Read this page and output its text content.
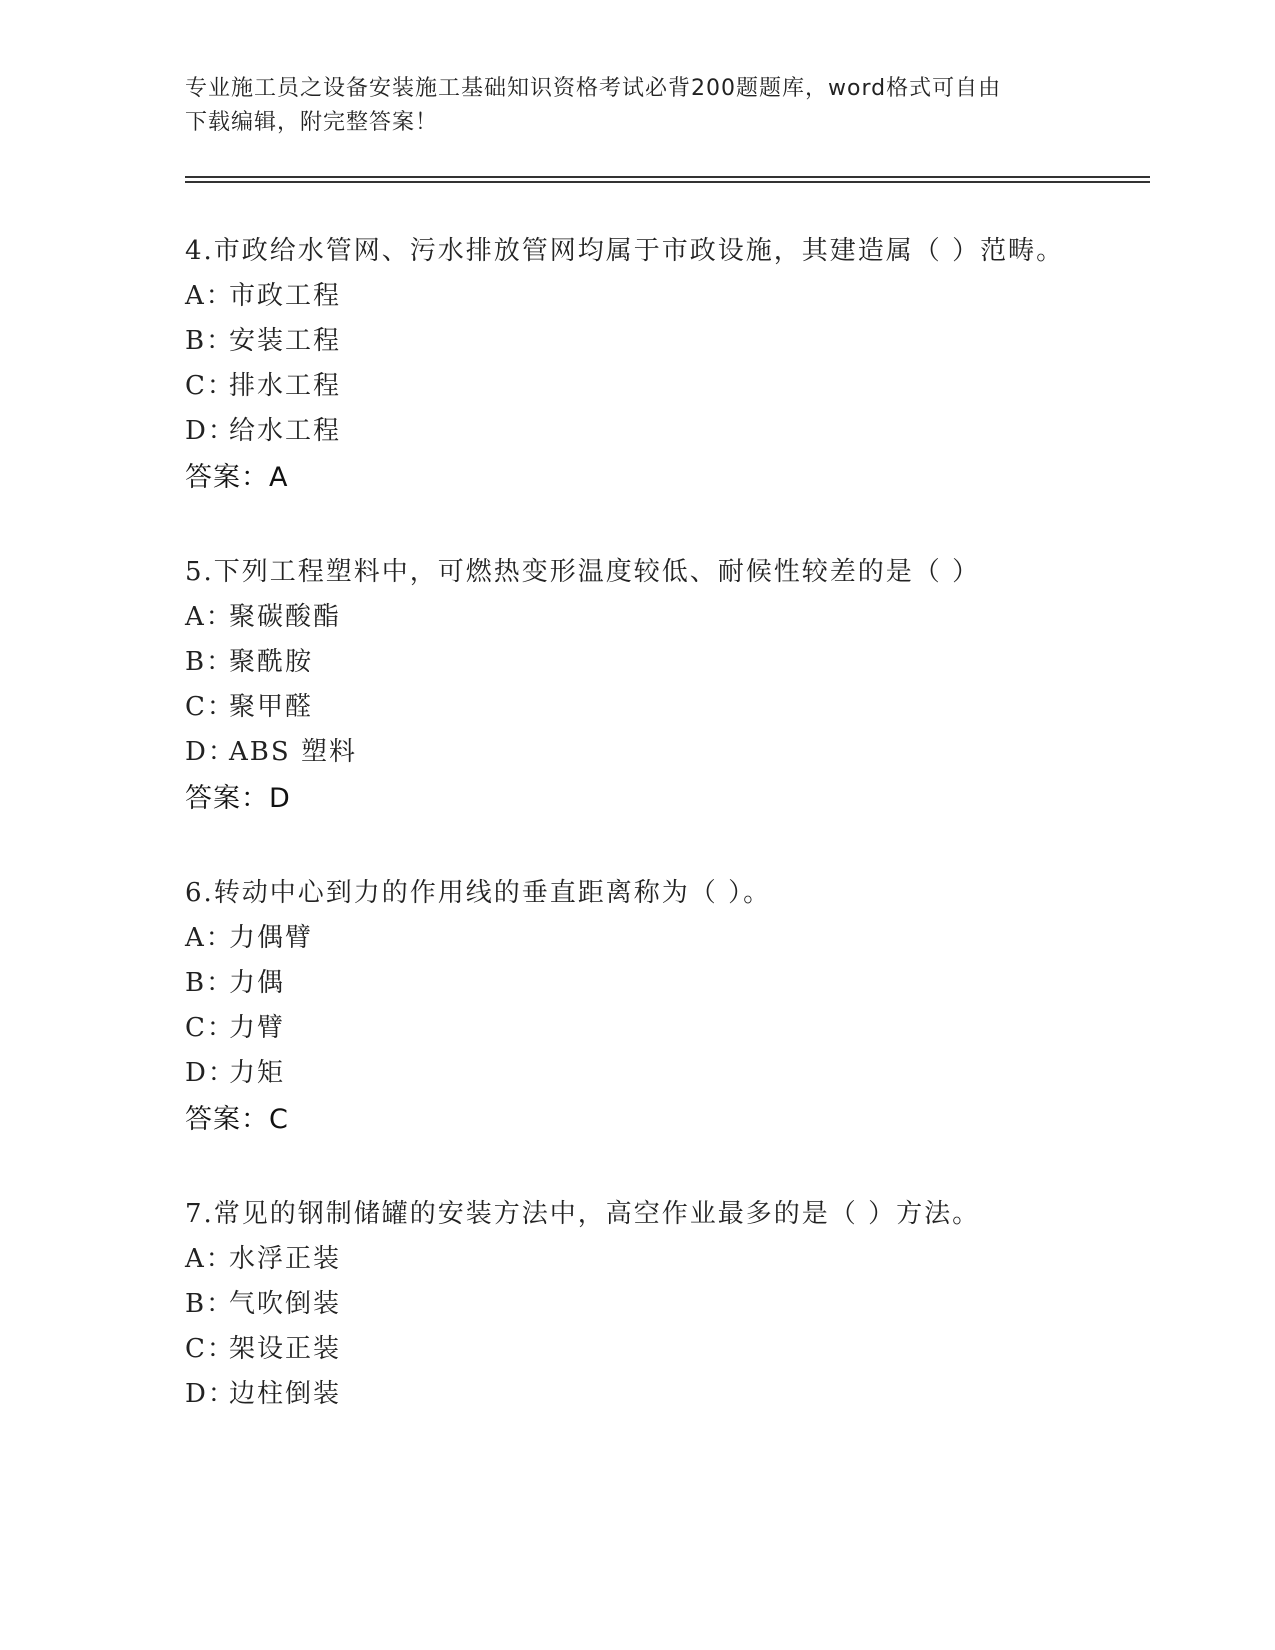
专业施工员之设备安装施工基础知识资格考试必背200题题库，word格式可自由
下载编辑，附完整答案！
4.市政给水管网、污水排放管网均属于市政设施，其建造属（ ）范畴。
A：
市政工程
B：
安装工程
C：
排水工程
D：
给水工程
答案：A
5.下列工程塑料中，可燃热变形温度较低、耐候性较差的是（ ）
A：
聚碳酸酯
B：
聚酰胺
C：
聚甲醛
D：
ABS 塑料
答案：D
6.转动中心到力的作用线的垂直距离称为（ ）。
A：
力偶臂
B：
力偶
C：
力臂
D：
力矩
答案：C
7.常见的钢制储罐的安装方法中，高空作业最多的是（ ）方法。
A：
水浮正装
B：
气吹倒装
C：
架设正装
D：
边柱倒装
